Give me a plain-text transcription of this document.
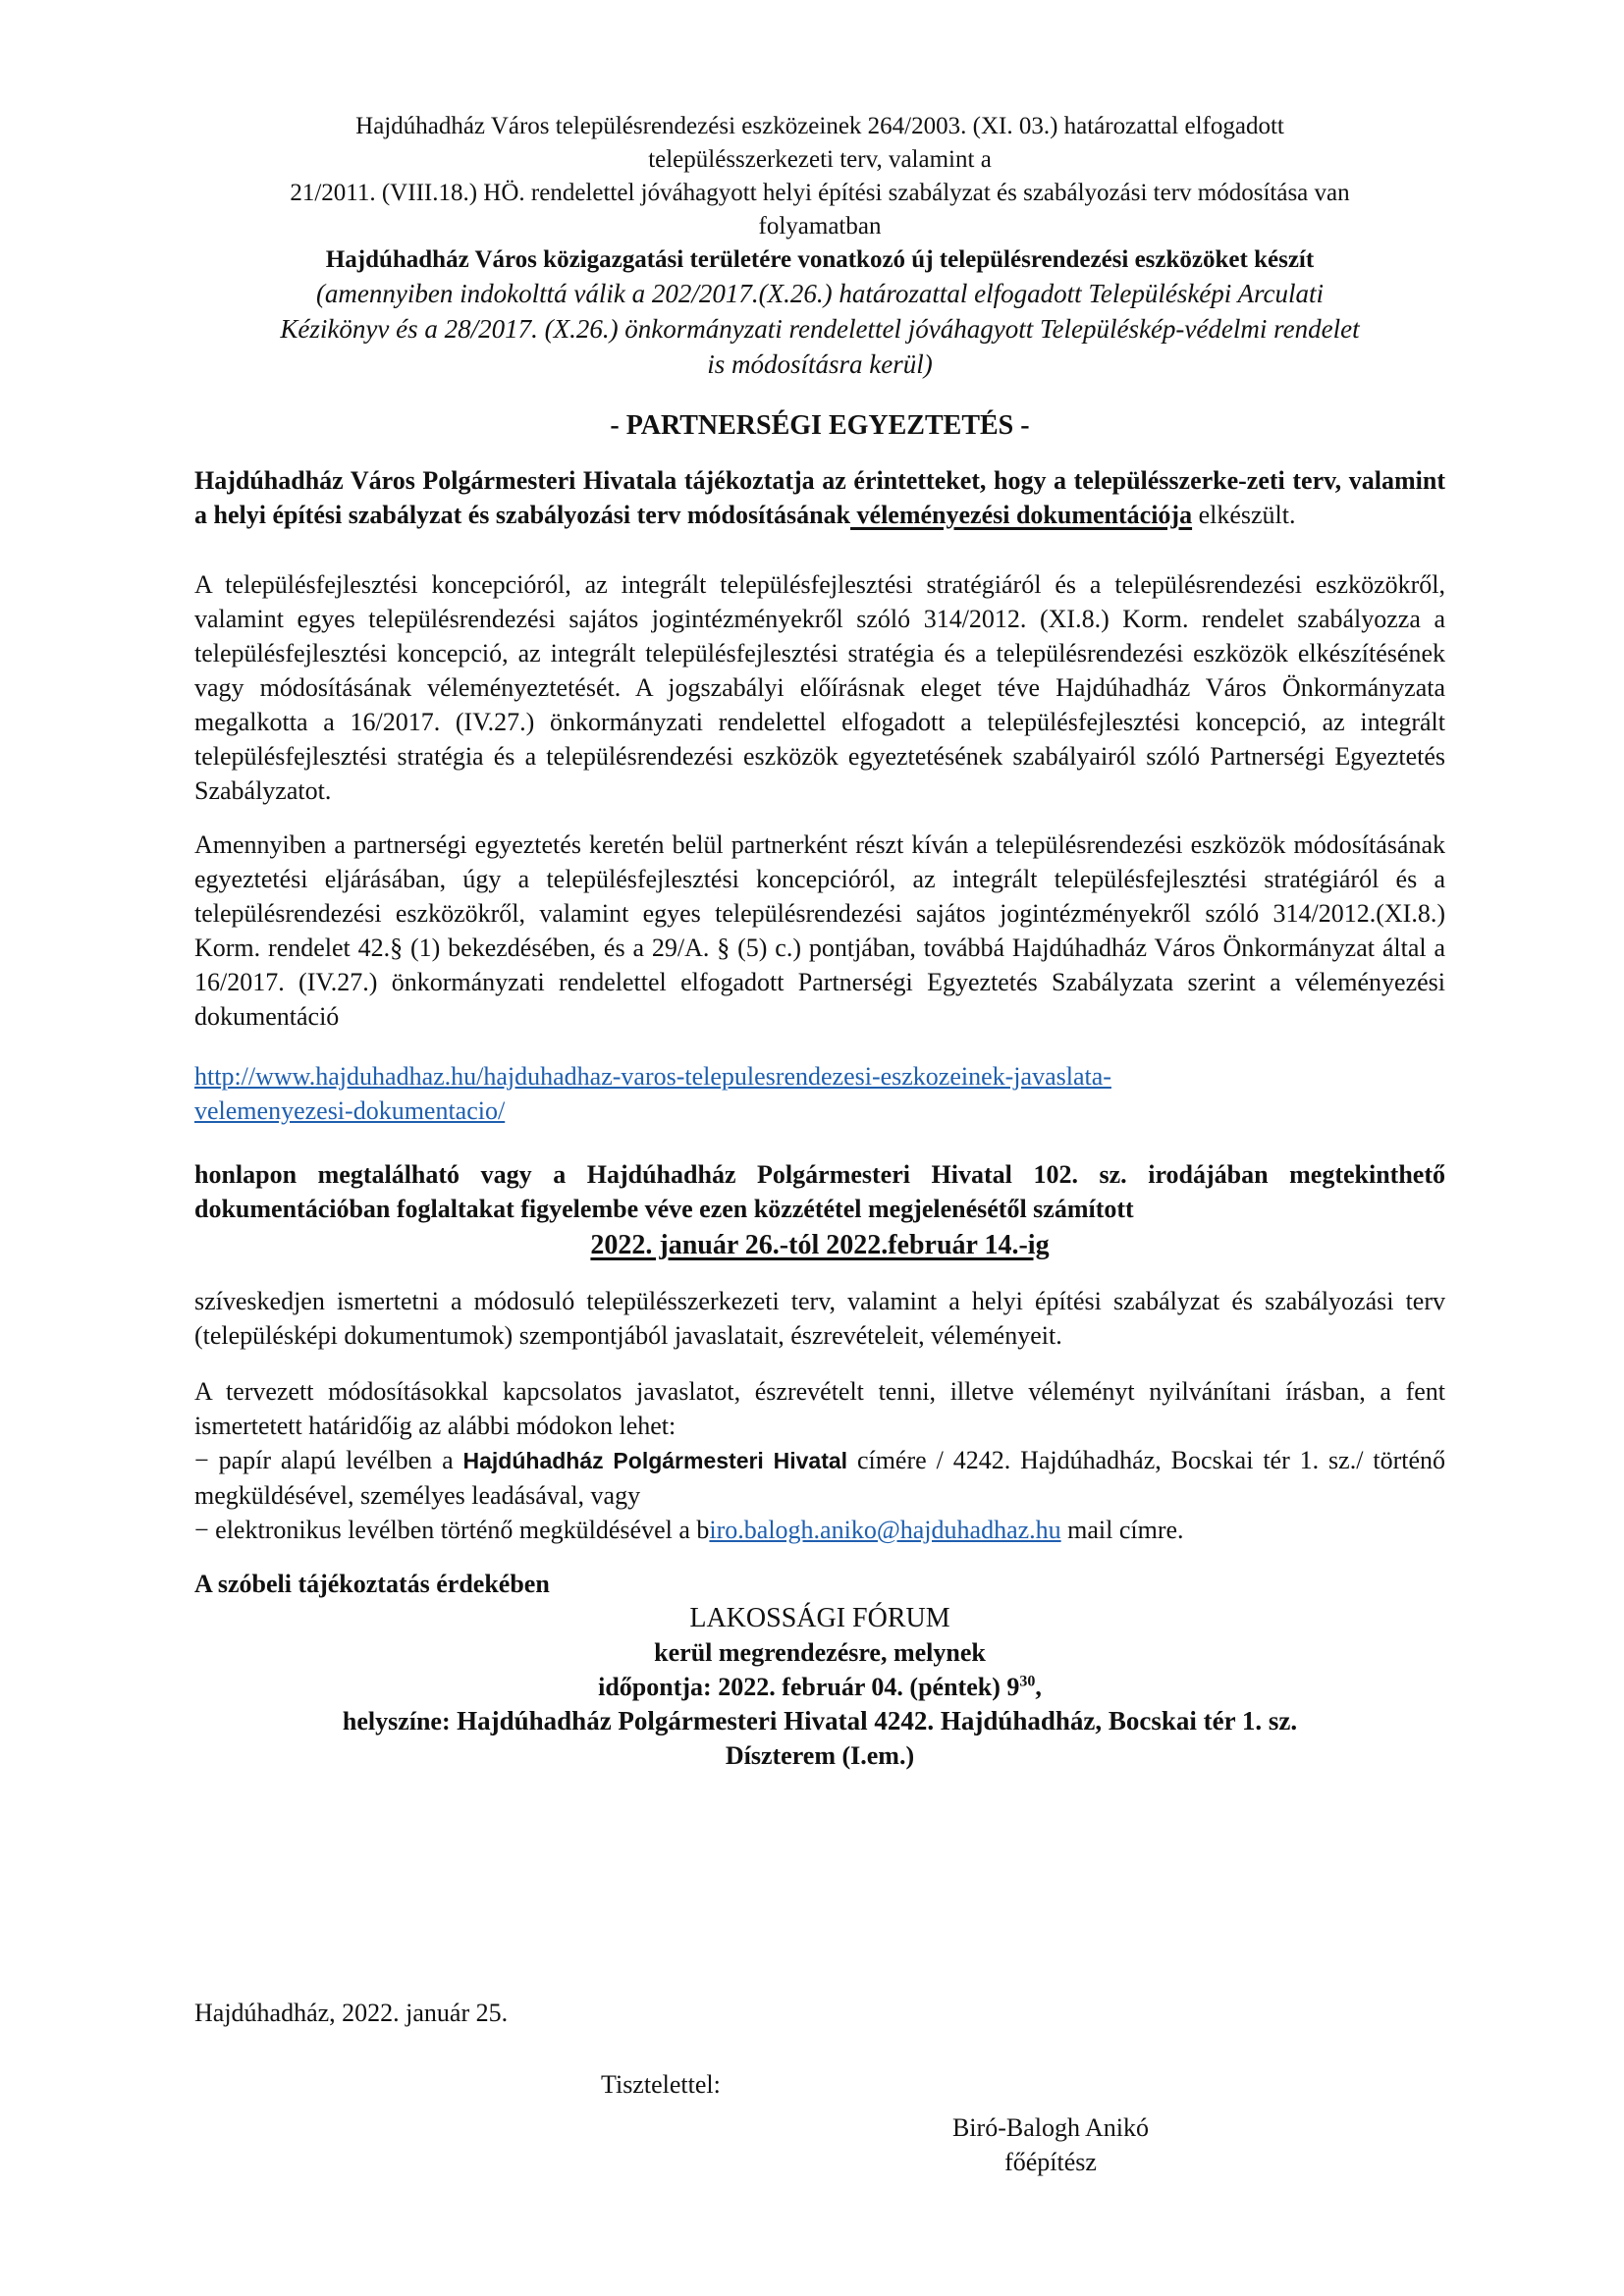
Hajdúhadház Város településrendezési eszközeinek 264/2003. (XI. 03.) határozattal elfogadott
településszerkezeti terv, valamint a
21/2011. (VIII.18.) HÖ. rendelettel jóváhagyott helyi építési szabályzat és szabályozási terv módosítása van
folyamatban
Hajdúhadház Város közigazgatási területére vonatkozó új településrendezési eszközöket készít
(amennyiben indokolttá válik a 202/2017.(X.26.) határozattal elfogadott Településképi Arculati
Kézikönyv és a 28/2017. (X.26.) önkormányzati rendelettel jóváhagyott Településkép-védelmi rendelet
is módosításra kerül)
- PARTNERSÉGI EGYEZTETÉS -
Hajdúhadház Város Polgármesteri Hivatala tájékoztatja az érintetteket, hogy a településszerke-zeti terv, valamint a helyi építési szabályzat és szabályozási terv módosításának véleményezési dokumentációja elkészült.
A településfejlesztési koncepcióról, az integrált településfejlesztési stratégiáról és a településrendezési eszközökről, valamint egyes településrendezési sajátos jogintézményekről szóló 314/2012. (XI.8.) Korm. rendelet szabályozza a településfejlesztési koncepció, az integrált településfejlesztési stratégia és a településrendezési eszközök elkészítésének vagy módosításának véleményeztetését. A jogszabályi előírásnak eleget téve Hajdúhadház Város Önkormányzata megalkotta a 16/2017. (IV.27.) önkormányzati rendelettel elfogadott a településfejlesztési koncepció, az integrált településfejlesztési stratégia és a településrendezési eszközök egyeztetésének szabályairól szóló Partnerségi Egyeztetés Szabályzatot.
Amennyiben a partnerségi egyeztetés keretén belül partnerként részt kíván a településrendezési eszközök módosításának egyeztetési eljárásában, úgy a településfejlesztési koncepcióról, az integrált településfejlesztési stratégiáról és a településrendezési eszközökről, valamint egyes településrendezési sajátos jogintézményekről szóló 314/2012.(XI.8.) Korm. rendelet 42.§ (1) bekezdésében, és a 29/A. § (5) c.) pontjában, továbbá Hajdúhadház Város Önkormányzat által a 16/2017. (IV.27.) önkormányzati rendelettel elfogadott Partnerségi Egyeztetés Szabályzata szerint a véleményezési dokumentáció
http://www.hajduhadhaz.hu/hajduhadhaz-varos-telepulesrendezesi-eszkozeinek-javaslata-
velemenyezesi-dokumentacio/
honlapon megtalálható vagy a Hajdúhadház Polgármesteri Hivatal 102. sz. irodájában megtekinthető dokumentációban foglaltakat figyelembe véve ezen közzététel megjelenésétől számított
2022. január 26.-tól 2022.február 14.-ig
szíveskedjen ismertetni a módosuló településszerkezeti terv, valamint a helyi építési szabályzat és szabályozási terv (településképi dokumentumok) szempontjából javaslatait, észrevételeit, véleményeit.
A tervezett módosításokkal kapcsolatos javaslatot, észrevételt tenni, illetve véleményt nyilvánítani írásban, a fent ismertetett határidőig az alábbi módokon lehet:
− papír alapú levélben a Hajdúhadház Polgármesteri Hivatal címére / 4242. Hajdúhadház, Bocskai tér 1. sz./ történő megküldésével, személyes leadásával, vagy
− elektronikus levélben történő megküldésével a biro.balogh.aniko@hajduhadhaz.hu mail címre.
A szóbeli tájékoztatás érdekében
LAKOSSÁGI FÓRUM
kerül megrendezésre, melynek
időpontja: 2022. február 04. (péntek) $9^{30}$,
helyszíne: Hajdúhadház Polgármesteri Hivatal 4242. Hajdúhadház, Bocskai tér 1. sz.
Díszterem (I.em.)
Hajdúhadház, 2022. január 25.
Tisztelettel:
Biró-Balogh Anikó
főépítész
